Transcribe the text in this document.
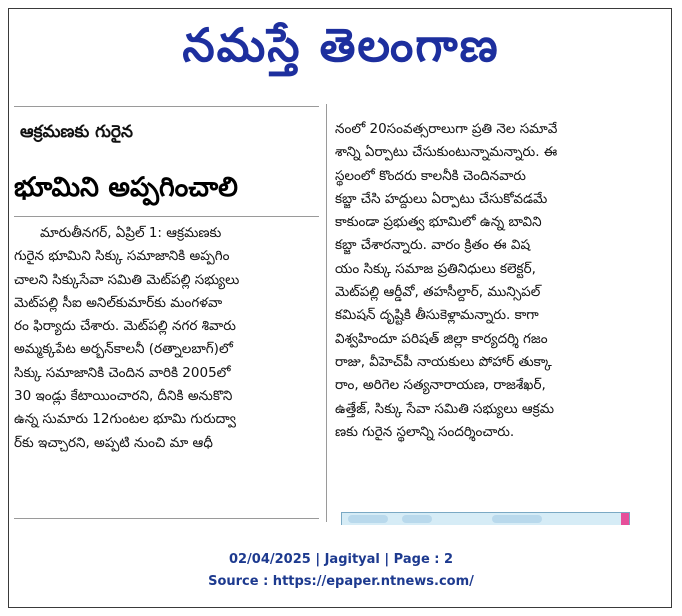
నమస్తే తెలంగాణ
ఆక్రమణకు గురైన
భూమిని అప్పగించాలి
మారుతీనగర్, ఏప్రిల్ 1: ఆక్రమణకు
గురైన భూమిని సిక్కు సమాజానికి అప్పగిం
చాలని సిక్కుసేవా సమితి మెట్‌పల్లి సభ్యులు
మెట్‌పల్లి సీఐ అనిల్‌కుమార్‌కు మంగళవా
రం ఫిర్యాదు చేశారు. మెట్‌పల్లి నగర శివారు
అమ్మక్కపేట అర్బన్‌కాలనీ (రత్నాలబాగ్)లో
సిక్కు సమాజానికి చెందిన వారికి 2005లో
30 ఇండ్లు కేటాయించారని, దీనికి అనుకొని
ఉన్న సుమారు 12గుంటల భూమి గురుద్వా
ర్‌కు ఇచ్చారని, అప్పటి నుంచి మా ఆధీ
నంలో 20సంవత్సరాలుగా ప్రతి నెల సమావే
శాన్ని ఏర్పాటు చేసుకుంటున్నామన్నారు. ఈ
స్థలంలో కొందరు కాలనీకి చెందినవారు
కబ్జా చేసి హద్దులు ఏర్పాటు చేసుకోవడమే
కాకుండా ప్రభుత్వ భూమిలో ఉన్న బావిని
కబ్జా చేశారన్నారు. వారం క్రితం ఈ విష
యం సిక్కు సమాజ ప్రతినిధులు కలెక్టర్,
మెట్‌పల్లి ఆర్డీవో, తహసీల్దార్, మున్సిపల్
కమిషన్ దృష్టికి తీసుకెళ్లామన్నారు. కాగా
విశ్వహిందూ పరిషత్ జిల్లా కార్యదర్శి గజం
రాజు, వీహెచ్‌పీ నాయకులు పోహార్ తుక్కా
రాం, అరిగెల సత్యనారాయణ, రాజశేఖర్,
ఉత్తేజ్, సిక్కు సేవా సమితి సభ్యులు ఆక్రమ
ణకు గురైన స్థలాన్ని సందర్శించారు.
02/04/2025 | Jagityal | Page : 2
Source : https://epaper.ntnews.com/
